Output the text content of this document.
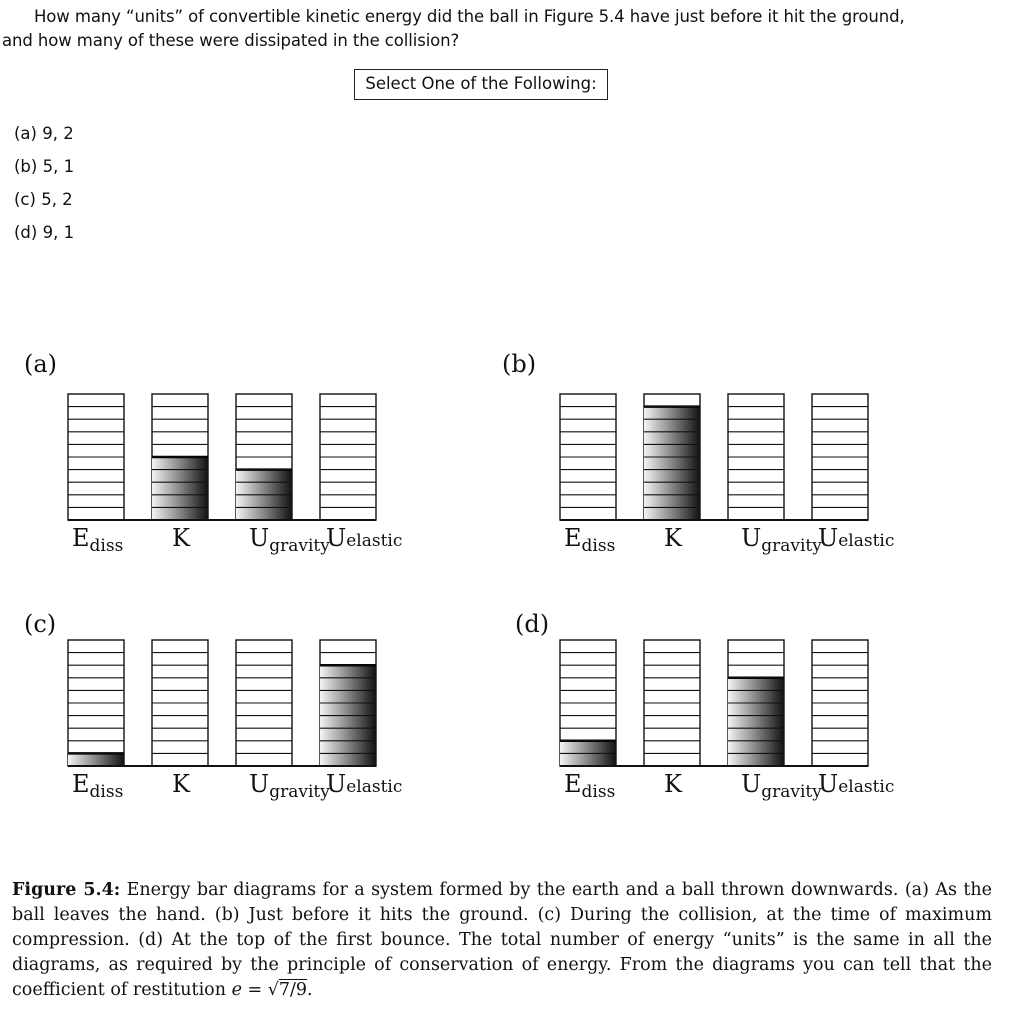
How many “units” of convertible kinetic energy did the ball in Figure 5.4 have just before it hit the ground,
and how many of these were dissipated in the collision?
Select One of the Following:
(a) 9, 2
(b) 5, 1
(c) 5, 2
(d) 9, 1
(a)	(b)
(c)	(d)
$E_{diss}$ K $U_{gravity}$
Uelastic	$E_{diss}$ K $U_{gravity}$
Uelastic
$E_{diss}$ K $U_{gravity}$
Uelastic	$E_{diss}$ K $U_{gravity}$
Uelastic
Figure 5.4: Energy bar diagrams for a system formed by the earth and a ball thrown downwards. (a) As the ball leaves the hand. (b) Just before it hits the ground. (c) During the collision, at the time of maximum compression. (d) At the top of the first bounce. The total number of energy “units” is the same in all the diagrams, as required by the principle of conservation of energy. From the diagrams you can tell that the coefficient of restitution e = √7/9.
